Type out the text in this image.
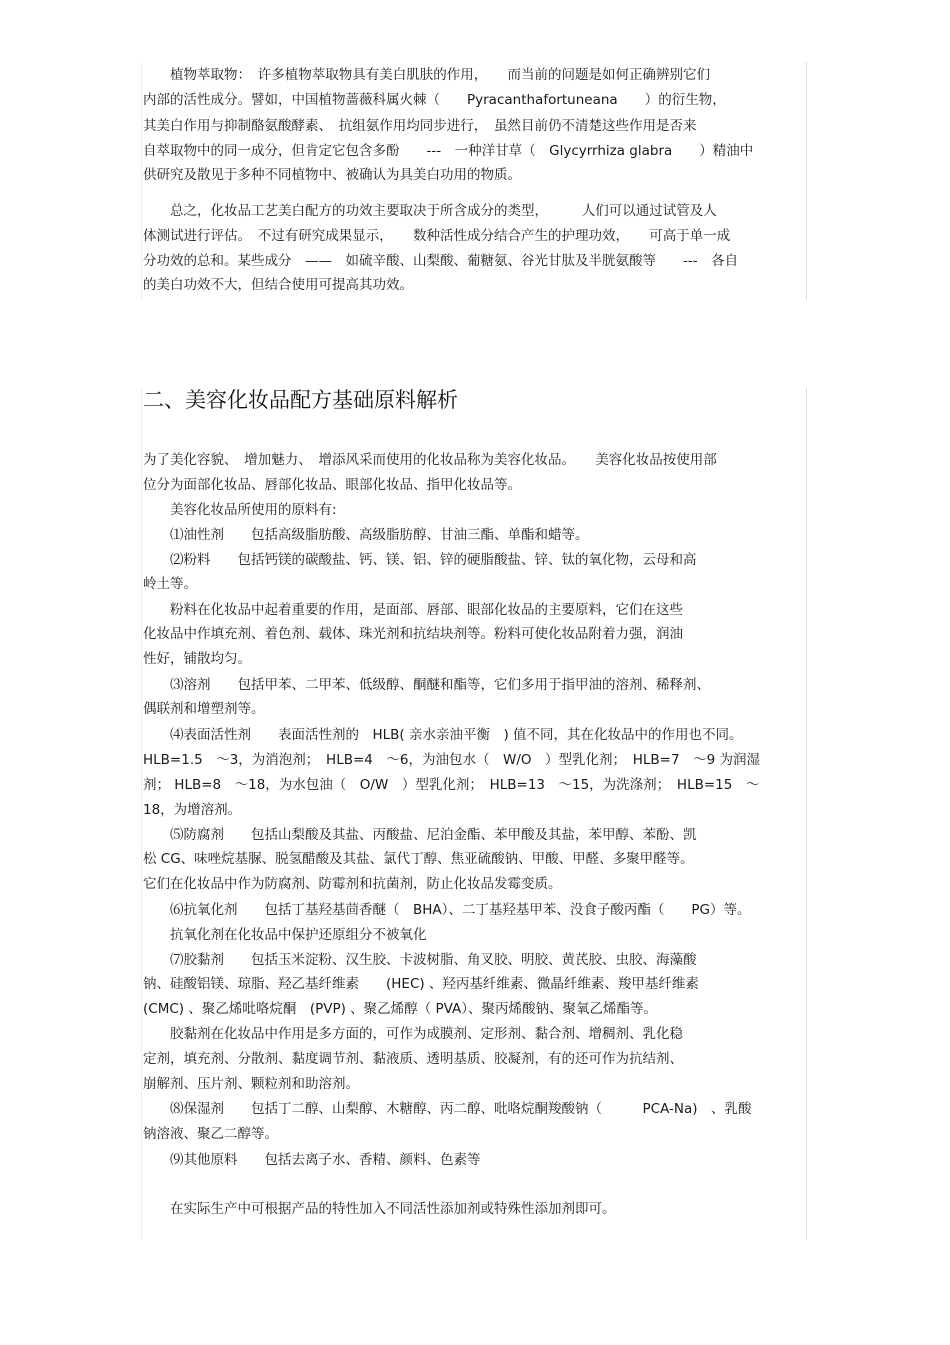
植物萃取物：　许多植物萃取物具有美白肌肤的作用，　　而当前的问题是如何正确辨别它们
内部的活性成分。譬如，中国植物蔷薇科属火棘（　　Pyracanthafortuneana　　）的衍生物，
其美白作用与抑制酪氨酸酵素、　抗组氨作用均同步进行，　虽然目前仍不清楚这些作用是否来
自萃取物中的同一成分，但肯定它包含多酚　　---　一种洋甘草（　Glycyrrhiza glabra　　）精油中
供研究及散见于多种不同植物中、被确认为具美白功用的物质。
总之，化妆品工艺美白配方的功效主要取决于所含成分的类型，　　　人们可以通过试管及人
体测试进行评估。　不过有研究成果显示，　　数种活性成分结合产生的护理功效，　　可高于单一成
分功效的总和。某些成分　——　如硫辛酸、山梨酸、葡糖氨、谷光甘肽及半胱氨酸等　　---　各自
的美白功效不大，但结合使用可提高其功效。
二、美容化妆品配方基础原料解析
为了美化容貌、　增加魅力、　增添风采而使用的化妆品称为美容化妆品。　　美容化妆品按使用部
位分为面部化妆品、唇部化妆品、眼部化妆品、指甲化妆品等。
美容化妆品所使用的原料有:
⑴油性剂　　包括高级脂肪酸、高级脂肪醇、甘油三酯、单酯和蜡等。
⑵粉料　　包括钙镁的碳酸盐、钙、镁、铝、锌的硬脂酸盐、锌、钛的氧化物，云母和高
岭土等。
粉料在化妆品中起着重要的作用，是面部、唇部、眼部化妆品的主要原料，它们在这些
化妆品中作填充剂、着色剂、载体、珠光剂和抗结块剂等。粉料可使化妆品附着力强，润油
性好，铺散均匀。
⑶溶剂　　包括甲苯、二甲苯、低级醇、酮醚和酯等，它们多用于指甲油的溶剂、稀释剂、
偶联剂和增塑剂等。
⑷表面活性剂　　表面活性剂的　HLB( 亲水亲油平衡　) 值不同，其在化妆品中的作用也不同。
HLB=1.5　～3，为消泡剂；　HLB=4　～6，为油包水（　W/O　）型乳化剂；　HLB=7　～9 为润湿
剂； HLB=8　～18，为水包油（　O/W　）型乳化剂；　HLB=13　～15，为洗涤剂；　HLB=15　～
18，为增溶剂。
⑸防腐剂　　包括山梨酸及其盐、丙酸盐、尼泊金酯、苯甲酸及其盐，苯甲醇、苯酚、凯
松 CG、味唑烷基脲、脱氢醋酸及其盐、氯代丁醇、焦亚硫酸钠、甲酸、甲醛、多聚甲醛等。
它们在化妆品中作为防腐剂、防霉剂和抗菌剂，防止化妆品发霉变质。
⑹抗氧化剂　　包括丁基羟基茴香醚（　BHA）、二丁基羟基甲苯、没食子酸丙酯（　　PG）等。
抗氧化剂在化妆品中保护还原组分不被氧化
⑺胶黏剂　　包括玉米淀粉、汉生胶、卡波树脂、角叉胶、明胶、黄芪胶、虫胶、海藻酸
钠、硅酸铝镁、琼脂、羟乙基纤维素　　(HEC) 、羟丙基纤维素、微晶纤维素、羧甲基纤维素
(CMC) 、聚乙烯吡咯烷酮　(PVP) 、聚乙烯醇（ PVA）、聚丙烯酸钠、聚氧乙烯酯等。
胶黏剂在化妆品中作用是多方面的，可作为成膜剂、定形剂、黏合剂、增稠剂、乳化稳
定剂，填充剂、分散剂、黏度调节剂、黏液质、透明基质、胶凝剂，有的还可作为抗结剂、
崩解剂、压片剂、颗粒剂和助溶剂。
⑻保湿剂　　包括丁二醇、山梨醇、木糖醇、丙二醇、吡咯烷酮羧酸钠（　　　PCA-Na)　、乳酸
钠溶液、聚乙二醇等。
⑼其他原料　　包括去离子水、香精、颜料、色素等
在实际生产中可根据产品的特性加入不同活性添加剂或特殊性添加剂即可。
